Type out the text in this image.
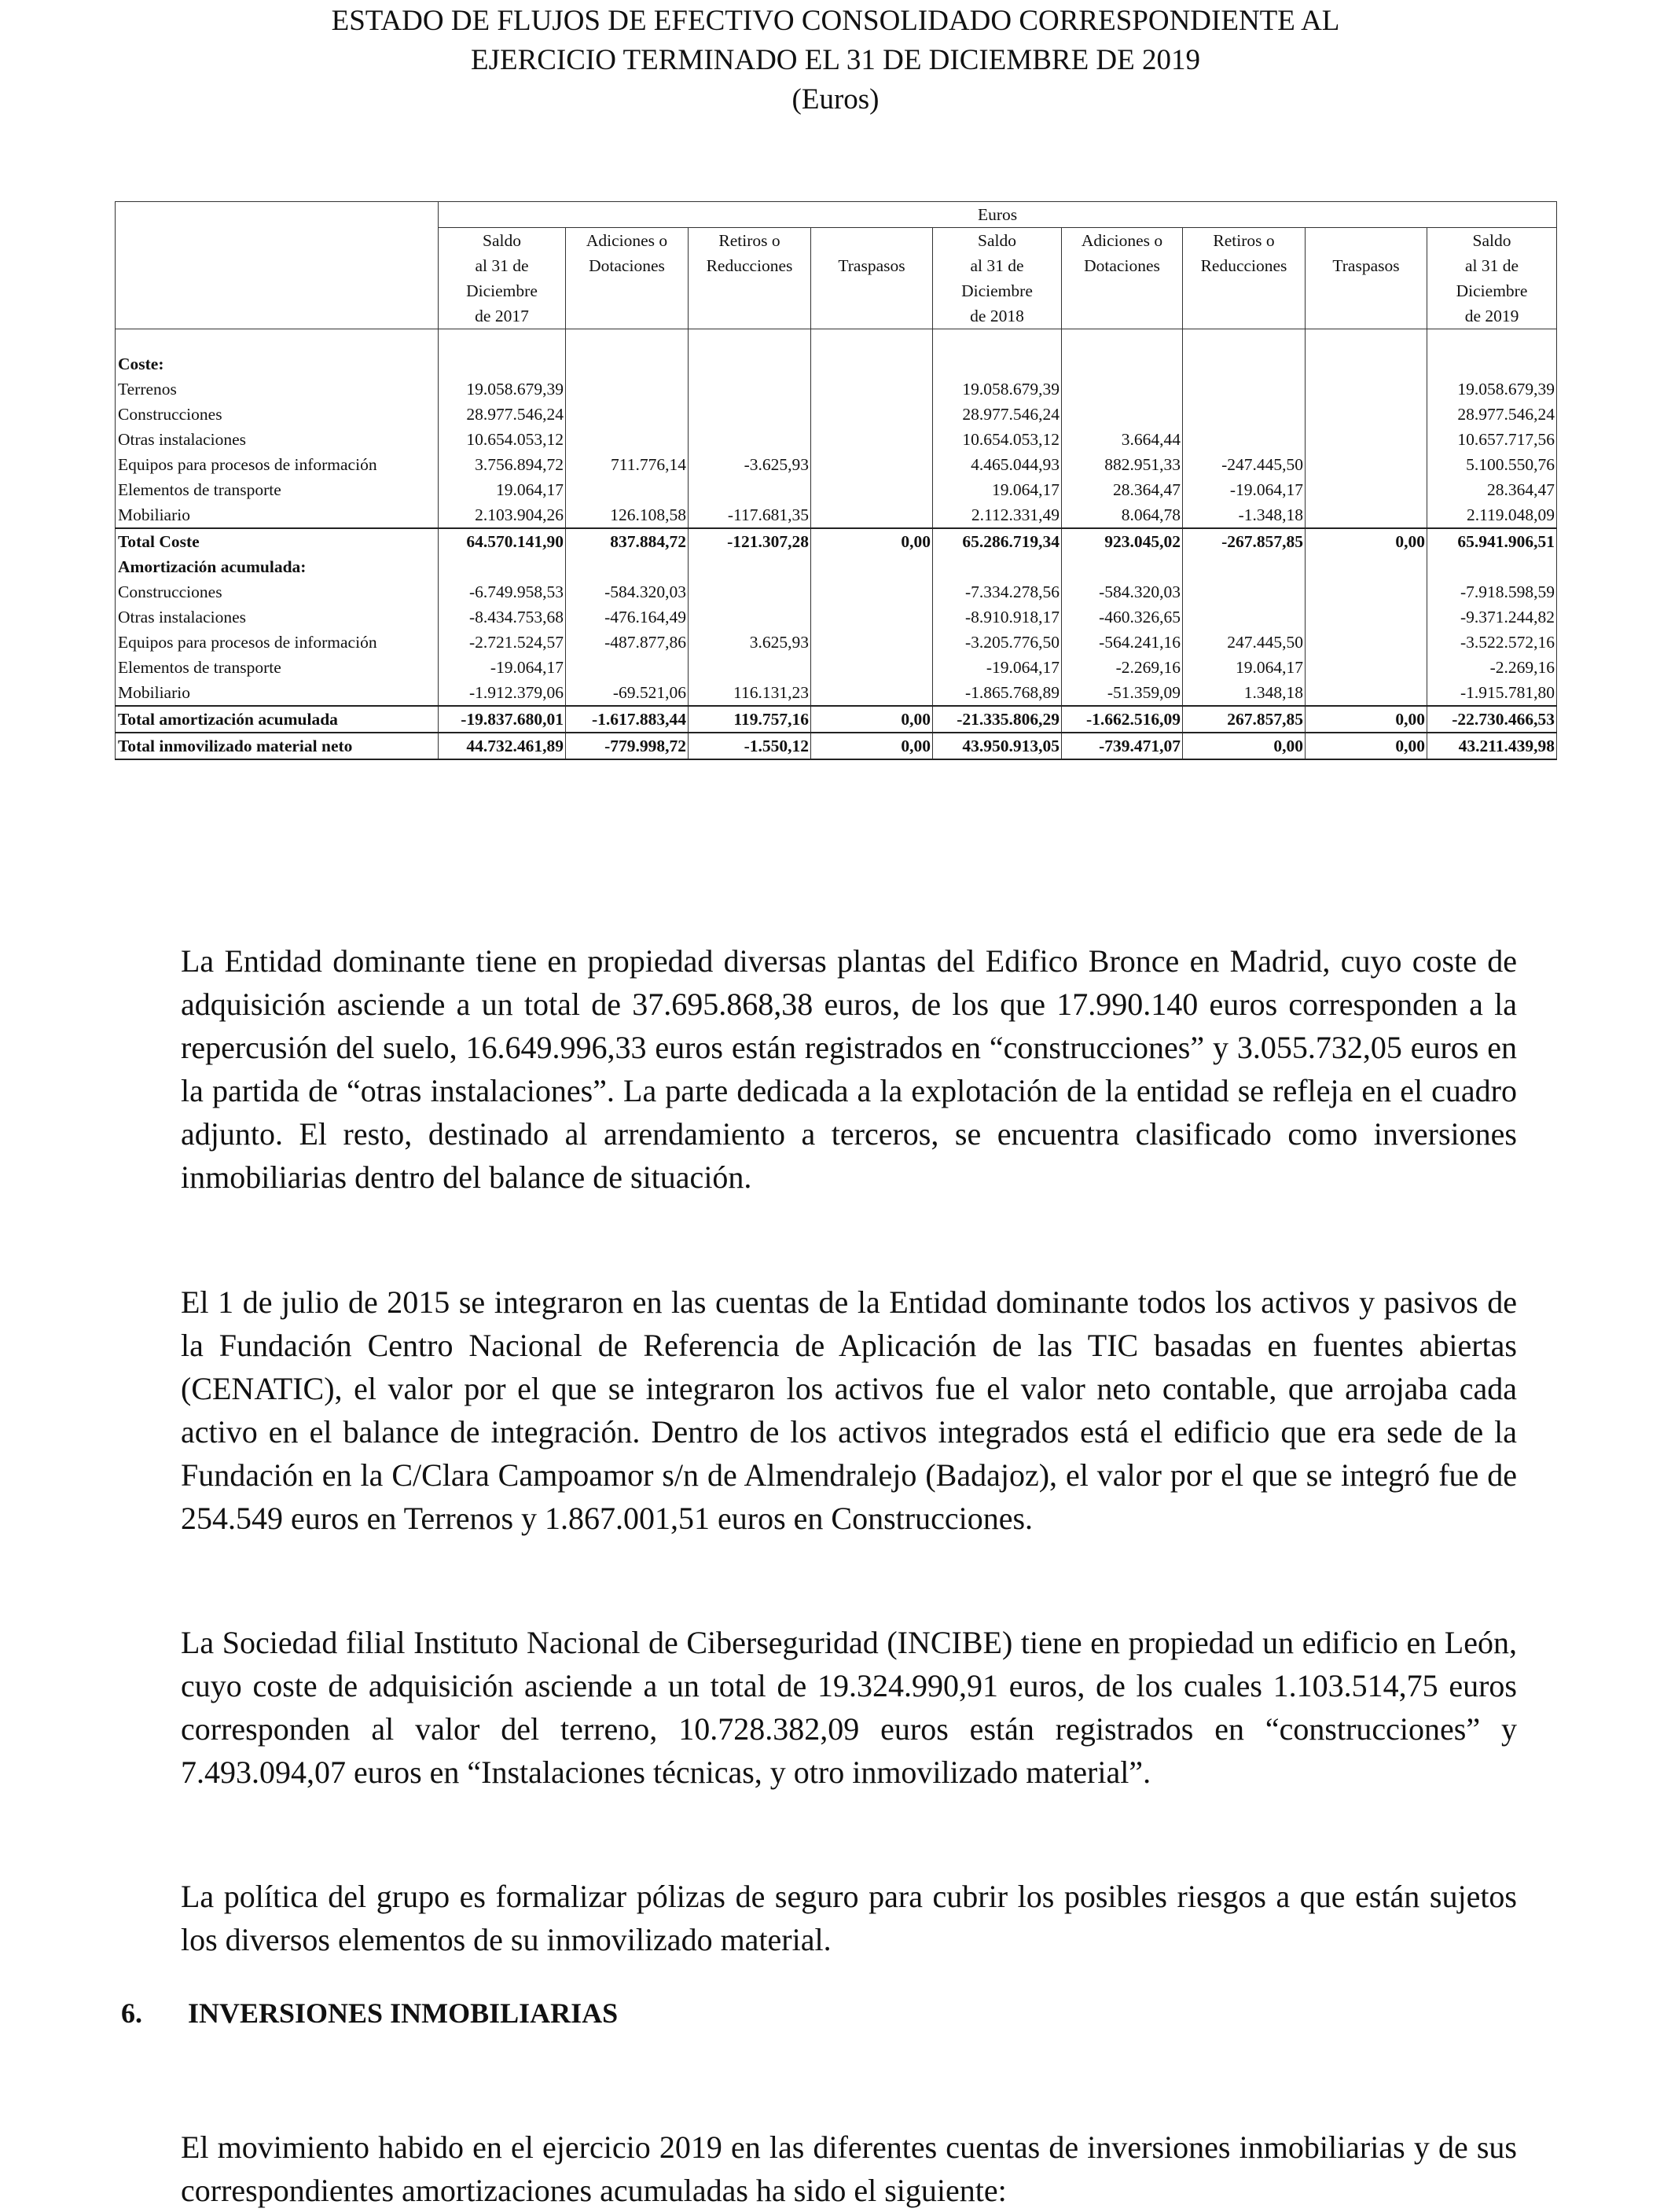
ESTADO DE FLUJOS DE EFECTIVO CONSOLIDADO CORRESPONDIENTE AL
EJERCICIO TERMINADO EL 31 DE DICIEMBRE DE 2019
(Euros)
	Euros								
	Saldo	Adiciones o	Retiros o		Saldo	Adiciones o	Retiros o		Saldo
	al 31 de	Dotaciones	Reducciones	Traspasos	al 31 de	Dotaciones	Reducciones	Traspasos	al 31 de
	Diciembre				Diciembre				Diciembre
	de 2017				de 2018				de 2019

Coste:									
Terrenos	19.058.679,39				19.058.679,39				19.058.679,39
Construcciones	28.977.546,24				28.977.546,24				28.977.546,24
Otras instalaciones	10.654.053,12				10.654.053,12	3.664,44			10.657.717,56
Equipos para procesos de información	3.756.894,72	711.776,14	-3.625,93		4.465.044,93	882.951,33	-247.445,50		5.100.550,76
Elementos de transporte	19.064,17				19.064,17	28.364,47	-19.064,17		28.364,47
Mobiliario	2.103.904,26	126.108,58	-117.681,35		2.112.331,49	8.064,78	-1.348,18		2.119.048,09
Total Coste	64.570.141,90	837.884,72	-121.307,28	0,00	65.286.719,34	923.045,02	-267.857,85	0,00	65.941.906,51

Amortización acumulada:									
Construcciones	-6.749.958,53	-584.320,03			-7.334.278,56	-584.320,03			-7.918.598,59
Otras instalaciones	-8.434.753,68	-476.164,49			-8.910.918,17	-460.326,65			-9.371.244,82
Equipos para procesos de información	-2.721.524,57	-487.877,86	3.625,93		-3.205.776,50	-564.241,16	247.445,50		-3.522.572,16
Elementos de transporte	-19.064,17				-19.064,17	-2.269,16	19.064,17		-2.269,16
Mobiliario	-1.912.379,06	-69.521,06	116.131,23		-1.865.768,89	-51.359,09	1.348,18		-1.915.781,80
Total amortización acumulada	-19.837.680,01	-1.617.883,44	119.757,16	0,00	-21.335.806,29	-1.662.516,09	267.857,85	0,00	-22.730.466,53
Total inmovilizado material neto	44.732.461,89	-779.998,72	-1.550,12	0,00	43.950.913,05	-739.471,07	0,00	0,00	43.211.439,98

La Entidad dominante tiene en propiedad diversas plantas del Edifico Bronce en Madrid, cuyo coste de adquisición asciende a un total de 37.695.868,38 euros, de los que 17.990.140 euros corresponden a la repercusión del suelo, 16.649.996,33 euros están registrados en “construcciones” y 3.055.732,05 euros en la partida de “otras instalaciones”. La parte dedicada a la explotación de la entidad se refleja en el cuadro adjunto. El resto, destinado al arrendamiento a terceros, se encuentra clasificado como inversiones inmobiliarias dentro del balance de situación.

El 1 de julio de 2015 se integraron en las cuentas de la Entidad dominante todos los activos y pasivos de la Fundación Centro Nacional de Referencia de Aplicación de las TIC basadas en fuentes abiertas (CENATIC), el valor por el que se integraron los activos fue el valor neto contable, que arrojaba cada activo en el balance de integración. Dentro de los activos integrados está el edificio que era sede de la Fundación en la C/Clara Campoamor s/n de Almendralejo (Badajoz), el valor por el que se integró fue de 254.549 euros en Terrenos y 1.867.001,51 euros en Construcciones.

La Sociedad filial Instituto Nacional de Ciberseguridad (INCIBE) tiene en propiedad un edificio en León, cuyo coste de adquisición asciende a un total de 19.324.990,91 euros, de los cuales 1.103.514,75 euros corresponden al valor del terreno, 10.728.382,09 euros están registrados en “construcciones” y 7.493.094,07 euros en “Instalaciones técnicas, y otro inmovilizado material”.

La política del grupo es formalizar pólizas de seguro para cubrir los posibles riesgos a que están sujetos los diversos elementos de su inmovilizado material.

6. INVERSIONES INMOBILIARIAS

El movimiento habido en el ejercicio 2019 en las diferentes cuentas de inversiones inmobiliarias y de sus correspondientes amortizaciones acumuladas ha sido el siguiente:
